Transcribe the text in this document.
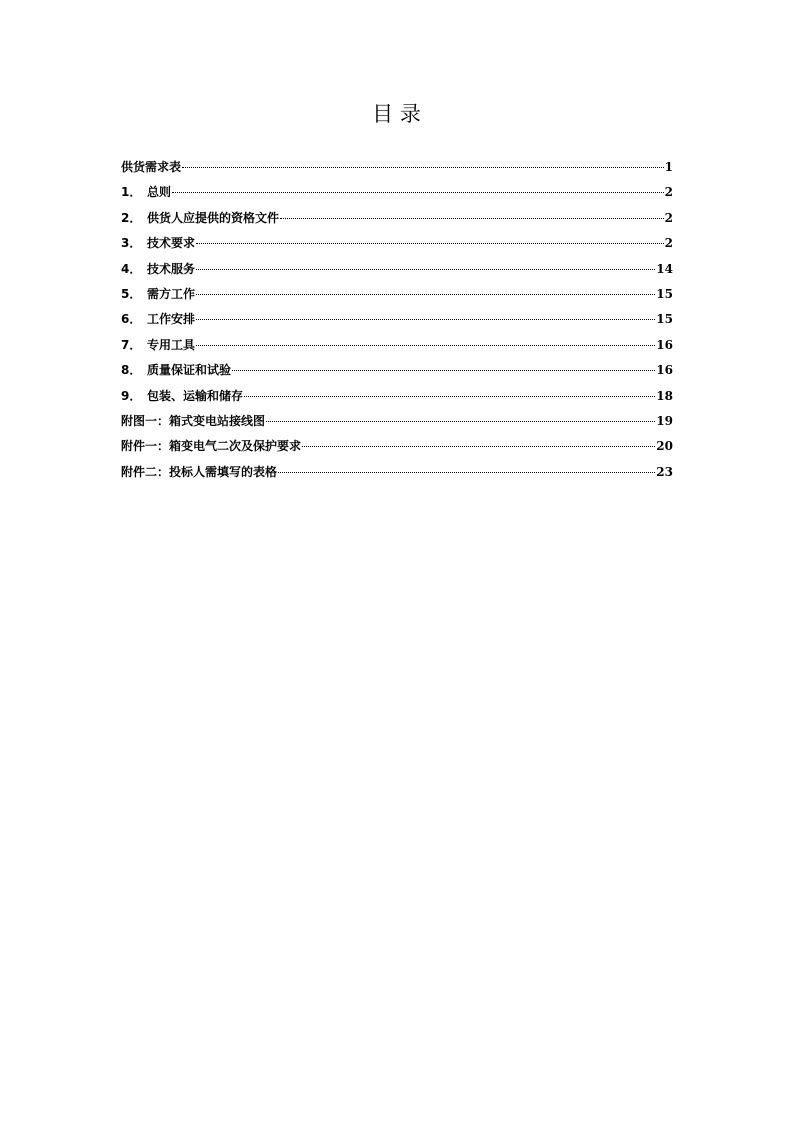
目 录
供货需求表	1
1． 总则	2
2． 供货人应提供的资格文件	2
3． 技术要求	2
4． 技术服务	14
5． 需方工作	15
6． 工作安排	15
7． 专用工具	16
8． 质量保证和试验	16
9． 包装、运输和储存	18
附图一：箱式变电站接线图	19
附件一：箱变电气二次及保护要求	20
附件二：投标人需填写的表格	23
